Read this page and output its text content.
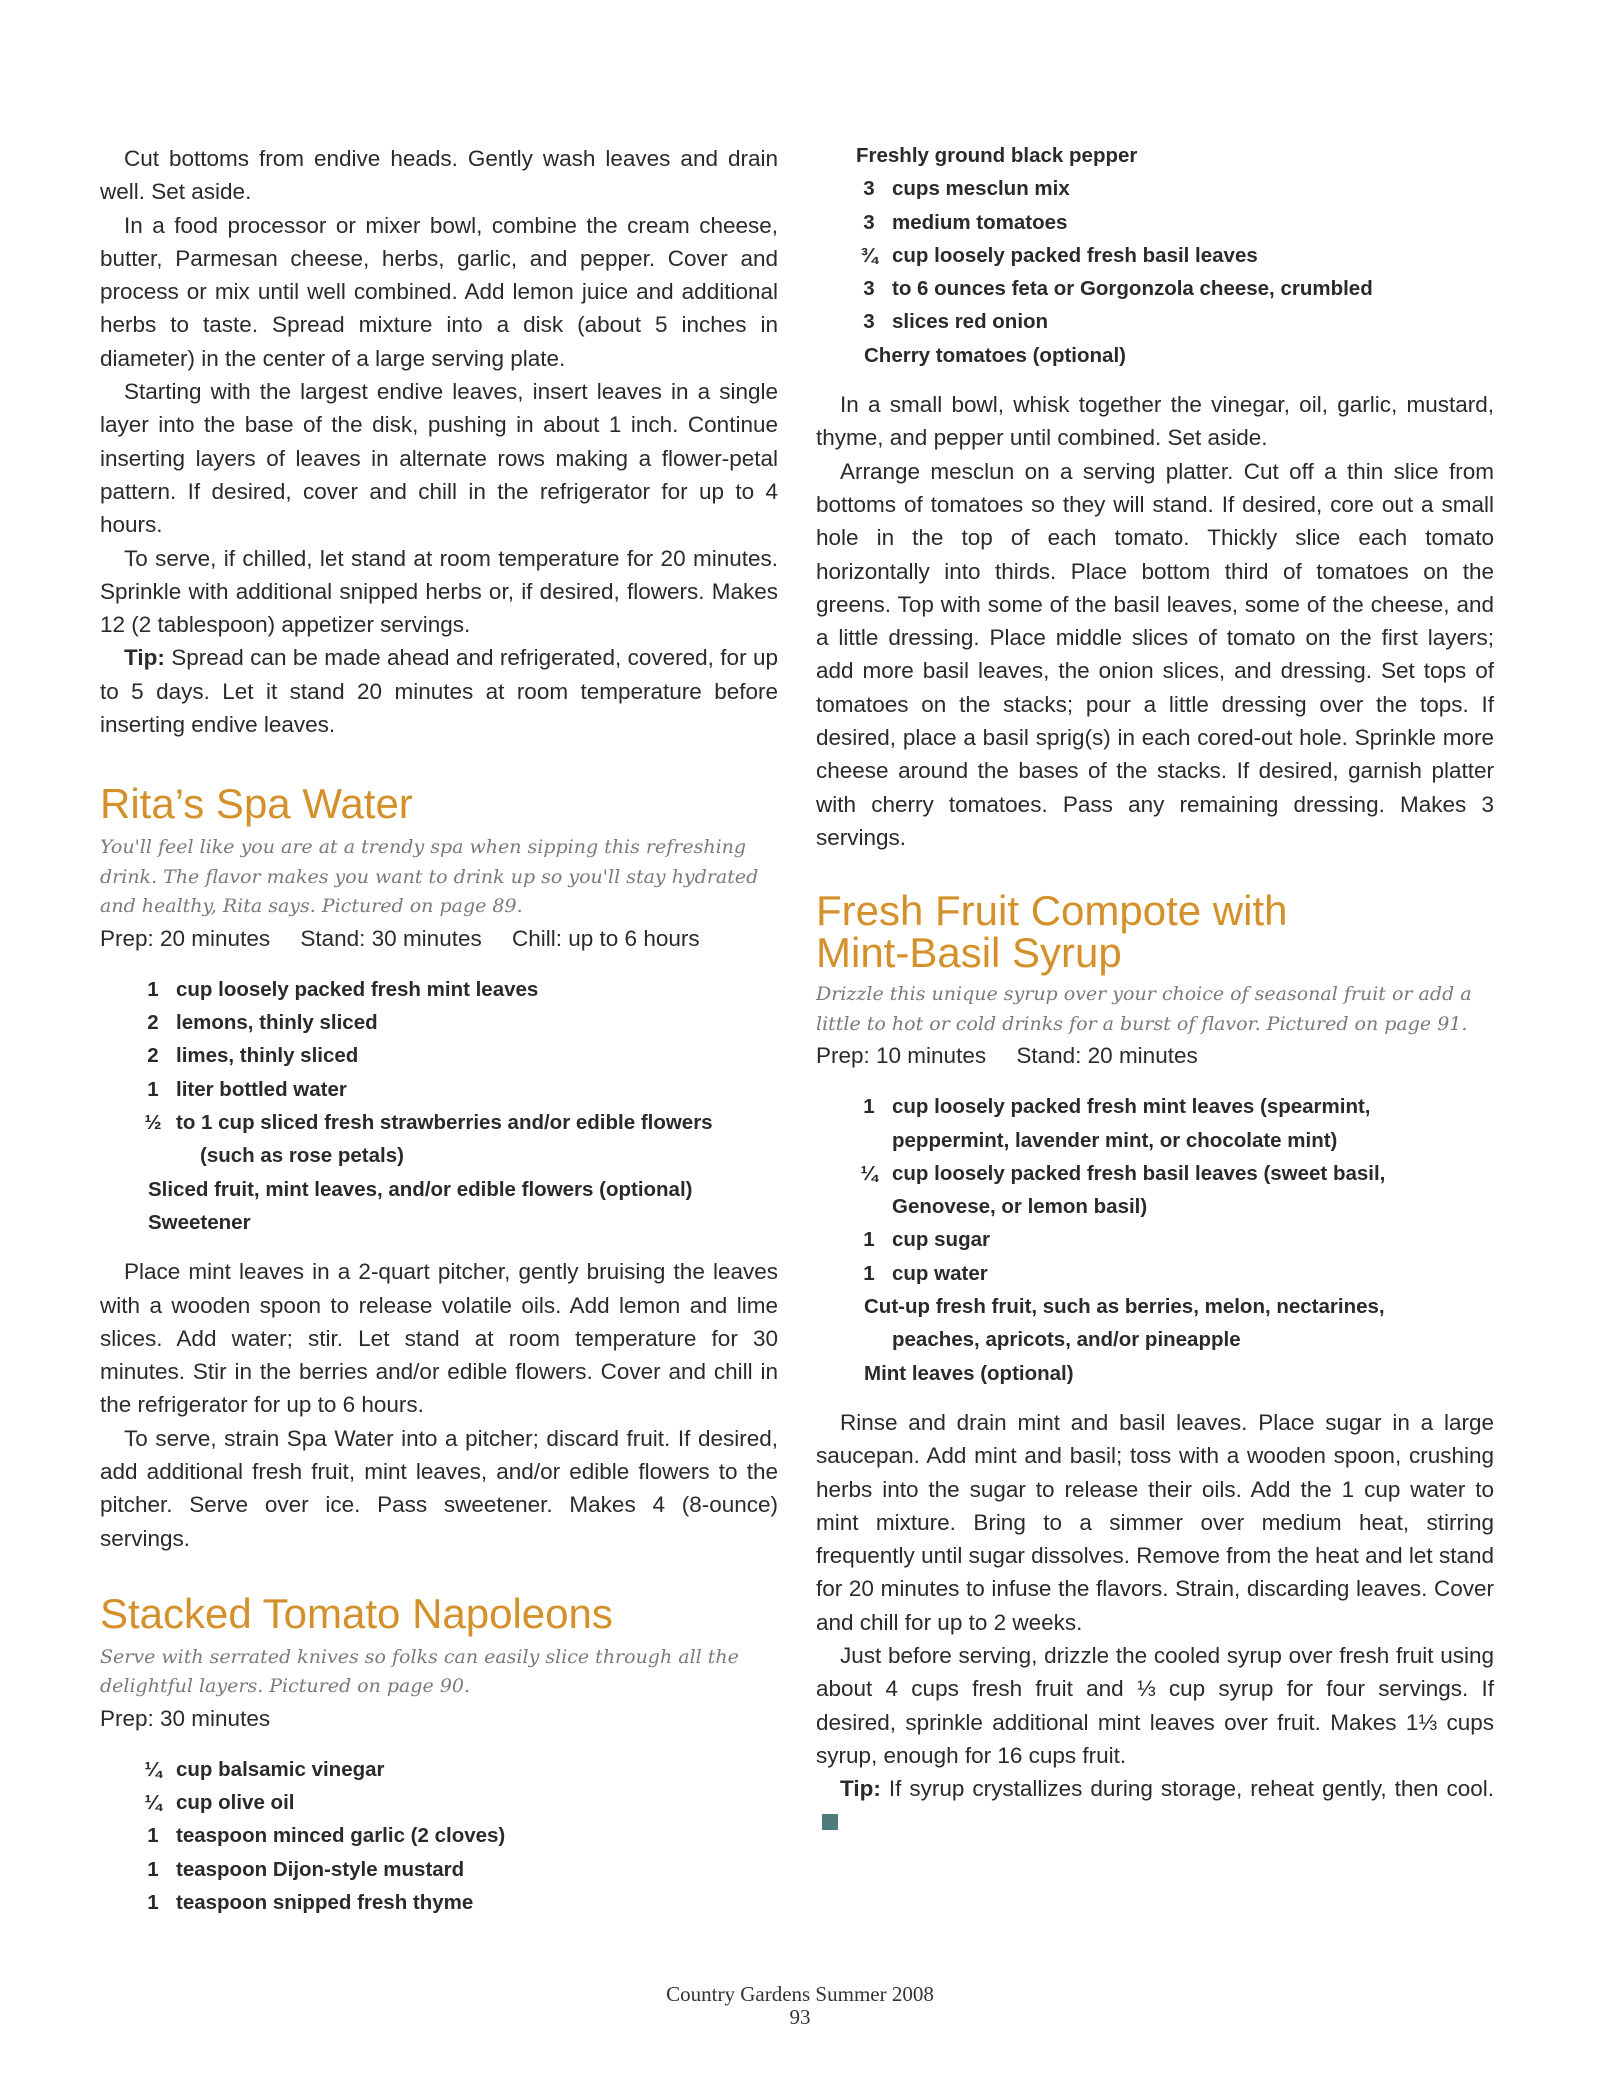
Cut bottoms from endive heads. Gently wash leaves and drain well. Set aside.

In a food processor or mixer bowl, combine the cream cheese, butter, Parmesan cheese, herbs, garlic, and pepper. Cover and process or mix until well combined. Add lemon juice and additional herbs to taste. Spread mixture into a disk (about 5 inches in diameter) in the center of a large serving plate.

Starting with the largest endive leaves, insert leaves in a single layer into the base of the disk, pushing in about 1 inch. Continue inserting layers of leaves in alternate rows making a flower-petal pattern. If desired, cover and chill in the refrigerator for up to 4 hours.

To serve, if chilled, let stand at room temperature for 20 minutes. Sprinkle with additional snipped herbs or, if desired, flowers. Makes 12 (2 tablespoon) appetizer servings.

Tip: Spread can be made ahead and refrigerated, covered, for up to 5 days. Let it stand 20 minutes at room temperature before inserting endive leaves.

Rita’s Spa Water

You'll feel like you are at a trendy spa when sipping this refreshing drink. The flavor makes you want to drink up so you'll stay hydrated and healthy, Rita says. Pictured on page 89.

Prep: 20 minutes Stand: 30 minutes Chill: up to 6 hours

1 cup loosely packed fresh mint leaves
2 lemons, thinly sliced
2 limes, thinly sliced
1 liter bottled water
½ to 1 cup sliced fresh strawberries and/or edible flowers
(such as rose petals)
Sliced fruit, mint leaves, and/or edible flowers (optional)
Sweetener

Place mint leaves in a 2-quart pitcher, gently bruising the leaves with a wooden spoon to release volatile oils. Add lemon and lime slices. Add water; stir. Let stand at room temperature for 30 minutes. Stir in the berries and/or edible flowers. Cover and chill in the refrigerator for up to 6 hours.

To serve, strain Spa Water into a pitcher; discard fruit. If desired, add additional fresh fruit, mint leaves, and/or edible flowers to the pitcher. Serve over ice. Pass sweetener. Makes 4 (8-ounce) servings.

Stacked Tomato Napoleons

Serve with serrated knives so folks can easily slice through all the delightful layers. Pictured on page 90.

Prep: 30 minutes

¼ cup balsamic vinegar
¼ cup olive oil
1 teaspoon minced garlic (2 cloves)
1 teaspoon Dijon-style mustard
1 teaspoon snipped fresh thyme
Freshly ground black pepper
3 cups mesclun mix
3 medium tomatoes
¾ cup loosely packed fresh basil leaves
3 to 6 ounces feta or Gorgonzola cheese, crumbled
3 slices red onion
Cherry tomatoes (optional)

In a small bowl, whisk together the vinegar, oil, garlic, mustard, thyme, and pepper until combined. Set aside.

Arrange mesclun on a serving platter. Cut off a thin slice from bottoms of tomatoes so they will stand. If desired, core out a small hole in the top of each tomato. Thickly slice each tomato horizontally into thirds. Place bottom third of tomatoes on the greens. Top with some of the basil leaves, some of the cheese, and a little dressing. Place middle slices of tomato on the first layers; add more basil leaves, the onion slices, and dressing. Set tops of tomatoes on the stacks; pour a little dressing over the tops. If desired, place a basil sprig(s) in each cored-out hole. Sprinkle more cheese around the bases of the stacks. If desired, garnish platter with cherry tomatoes. Pass any remaining dressing. Makes 3 servings.

Fresh Fruit Compote with
Mint-Basil Syrup

Drizzle this unique syrup over your choice of seasonal fruit or add a little to hot or cold drinks for a burst of flavor. Pictured on page 91.

Prep: 10 minutes Stand: 20 minutes

1 cup loosely packed fresh mint leaves (spearmint,
peppermint, lavender mint, or chocolate mint)
¼ cup loosely packed fresh basil leaves (sweet basil,
Genovese, or lemon basil)
1 cup sugar
1 cup water
Cut-up fresh fruit, such as berries, melon, nectarines,
peaches, apricots, and/or pineapple
Mint leaves (optional)

Rinse and drain mint and basil leaves. Place sugar in a large saucepan. Add mint and basil; toss with a wooden spoon, crushing herbs into the sugar to release their oils. Add the 1 cup water to mint mixture. Bring to a simmer over medium heat, stirring frequently until sugar dissolves. Remove from the heat and let stand for 20 minutes to infuse the flavors. Strain, discarding leaves. Cover and chill for up to 2 weeks.

Just before serving, drizzle the cooled syrup over fresh fruit using about 4 cups fresh fruit and ⅓ cup syrup for four servings. If desired, sprinkle additional mint leaves over fruit. Makes 1⅓ cups syrup, enough for 16 cups fruit.

Tip: If syrup crystallizes during storage, reheat gently, then cool.

Country Gardens Summer 2008
93
